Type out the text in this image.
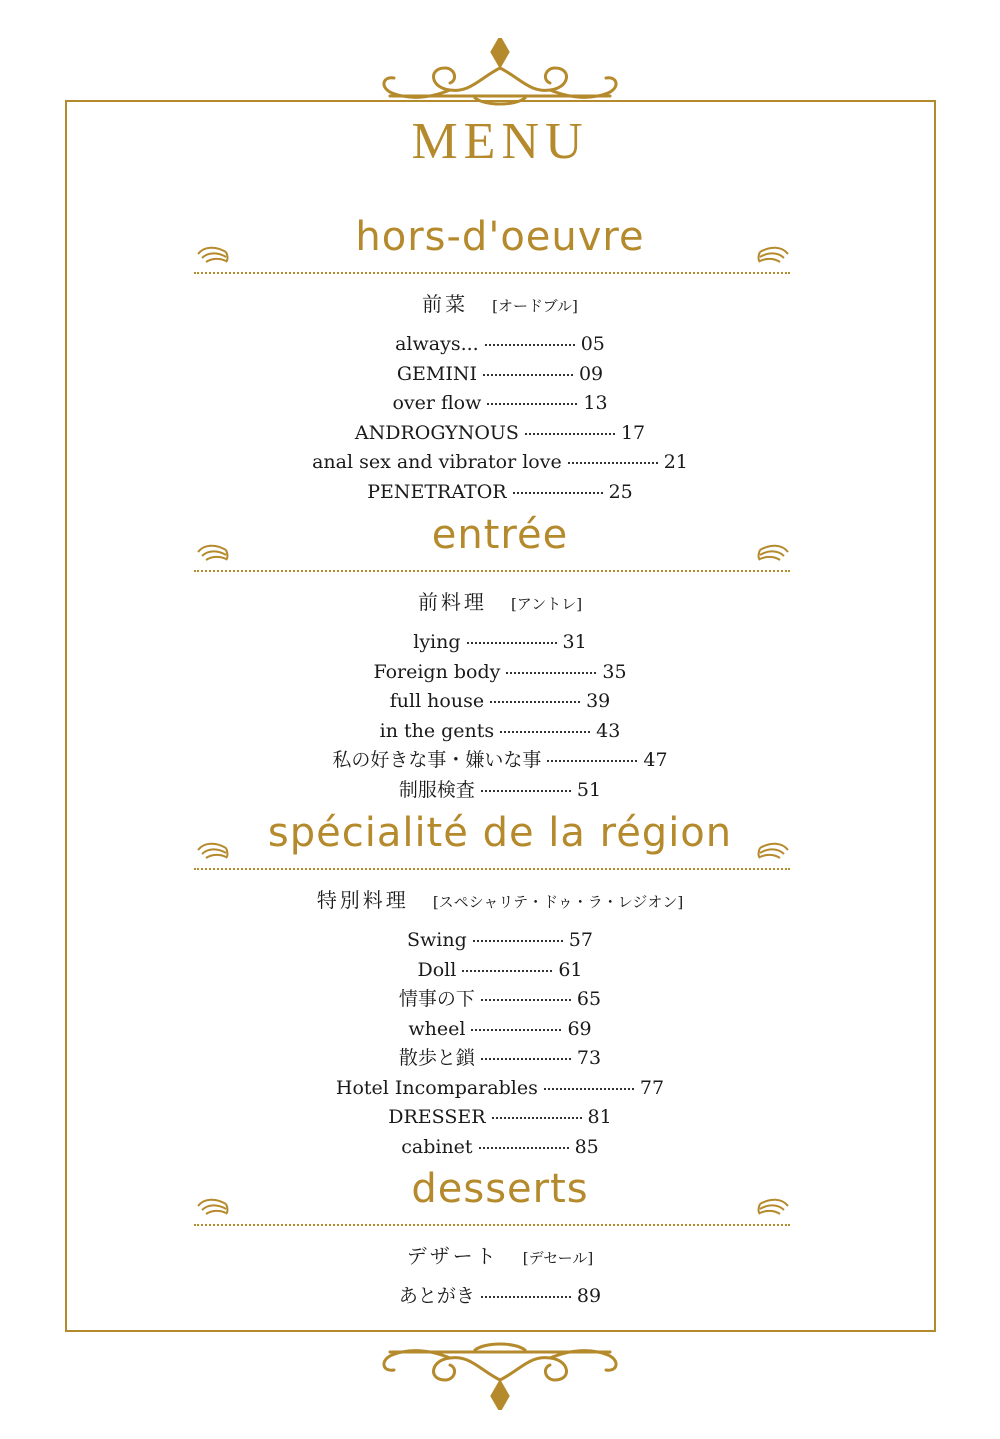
MENU
hors-d'oeuvre
前菜 [オードブル]
always...	05
GEMINI	09
over flow	13
ANDROGYNOUS	17
anal sex and vibrator love	21
PENETRATOR	25
entrée
前料理 [アントレ]
lying	31
Foreign body	35
full house	39
in the gents	43
私の好きな事・嫌いな事	47
制服検査	51
spécialité de la région
特別料理 [スペシャリテ・ドゥ・ラ・レジオン]
Swing	57
Doll	61
情事の下	65
wheel	69
散歩と鎖	73
Hotel Incomparables	77
DRESSER	81
cabinet	85
desserts
デザート [デセール]
あとがき	89
